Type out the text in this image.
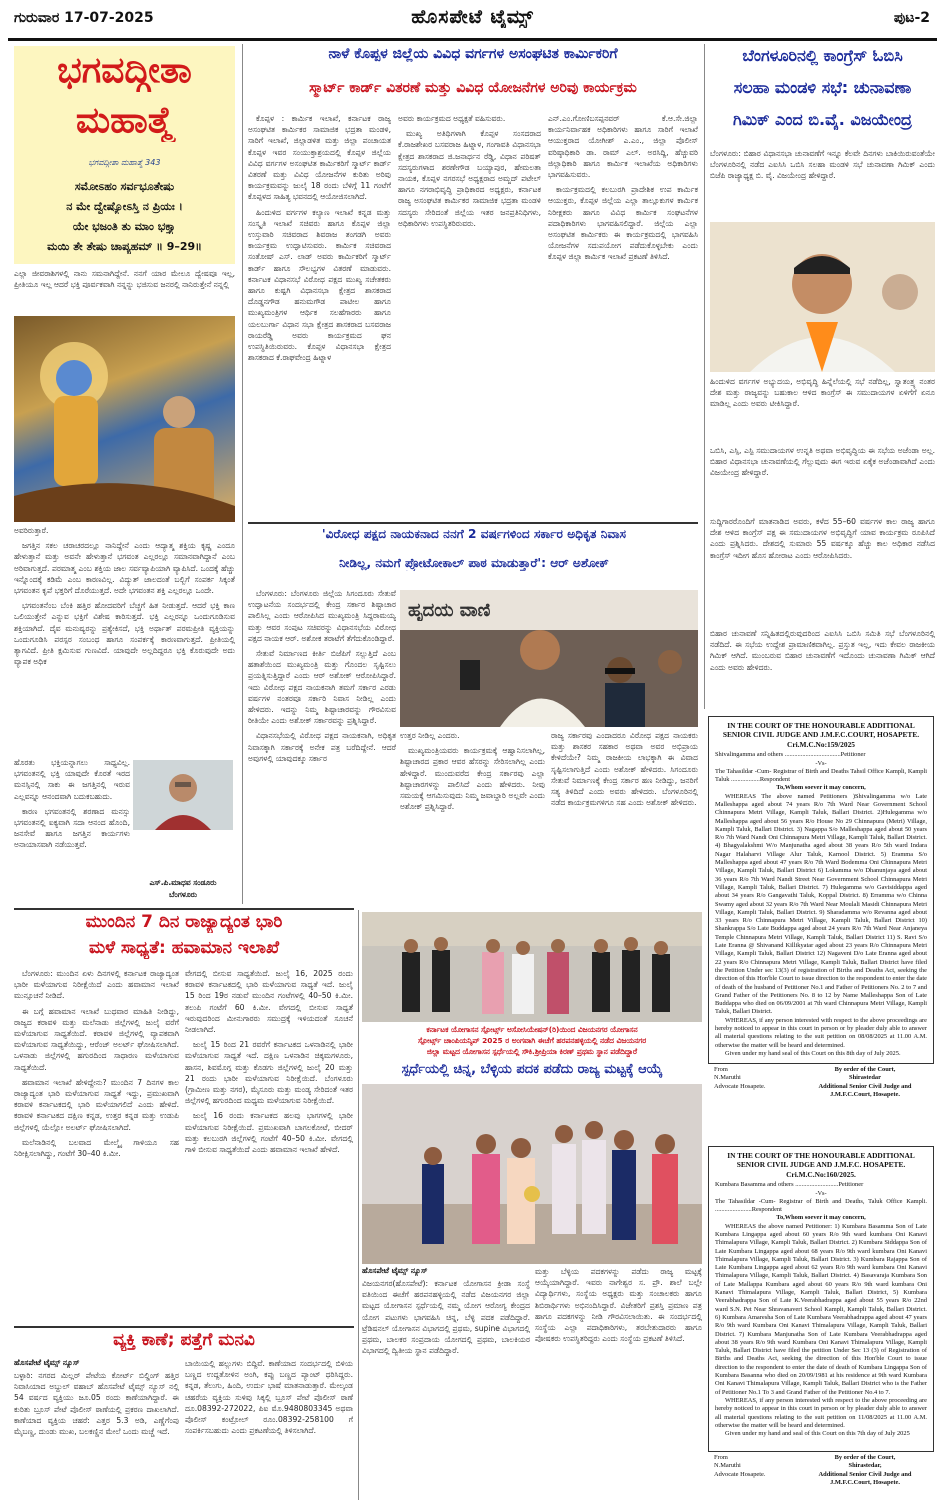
ಗುರುವಾರ 17-07-2025	ಹೊಸಪೇಟೆ ಟೈಮ್ಸ್	ಪುಟ-2
ಭಗವದ್ಗೀತಾ
ಮಹಾತ್ಮೆ
ಭಗವದ್ಗೀತಾ ಮಹಾತ್ಮೆ 343
ಸಮೋಽಹಂ ಸರ್ವಭೂತೇಷು
ನ ಮೇ ದ್ವೇಷ್ಯೋಽಸ್ತಿ ನ ಪ್ರಿಯಃ ।
ಯೇ ಭಜಂತಿ ತು ಮಾಂ ಭಕ್ತ್ಯಾ
ಮಯಿ ತೇ ತೇಷು ಚಾಪ್ಯಹಮ್ ॥ 9–29॥
ಎಲ್ಲಾ ಜೀವರಾಶಿಗಳಲ್ಲಿ ನಾನು ಸಮನಾಗಿದ್ದೇನೆ. ನನಗೆ ಯಾರ ಮೇಲೂ ದ್ವೇಷವೂ ಇಲ್ಲ, ಪ್ರೀತಿಯೂ ಇಲ್ಲ ಆದರೆ ಭಕ್ತಿ ಪೂರ್ವಕವಾಗಿ ನನ್ನನ್ನು ಭಜಿಸುವ ಜನರಲ್ಲಿ ನಾನಿರುತ್ತೇನೆ ನನ್ನಲ್ಲಿ

ಅವರಿರುತ್ತಾರೆ.

ಜಗತ್ತಿನ ಸಕಲ ಚರಾಚರದಲ್ಲೂ ನಾನಿದ್ದೇನೆ ಎಂದು ಆದ್ಯಾತ್ಮ ಶಕ್ತಿಯ ಕೃಷ್ಣ ಎಂದೂ ಹೇಳುತ್ತಾನೆ ಮತ್ತು ಅವನೇ ಹೇಳುತ್ತಾನೆ ಭಗವಂತ ಎಲ್ಲರಲ್ಲೂ ಸಮಾನವಾಗಿದ್ದಾನೆ ಎಂಬ ಅರಿವಾಗುತ್ತದೆ. ಪರಮಾತ್ಮ ಎಂಬ ಶಕ್ತಿಯ ಜಾಲ ಸರ್ವವ್ಯಾಪಿಯಾಗಿ ವ್ಯಾಪಿಸಿದೆ. ಒಂದಕ್ಕೆ ಹೆಚ್ಚು ಇನ್ನೊಂದಕ್ಕೆ ಕಡಿಮೆ ಎಂಬ ಕಾರಣವಿಲ್ಲ. ವಿದ್ಯುತ್ ಜಾಲದಂತೆ ಬಲ್ಬಿಗೆ ಸಂಪರ್ಕ ಸಿಕ್ಕಂತೆ ಭಗವಂತನ ಕೃಪೆ ಭಕ್ತರಿಗೆ ದೊರೆಯುತ್ತದೆ. ಅದೇ ಭಗವಂತನ ಶಕ್ತಿ ಎಲ್ಲರಲ್ಲೂ ಒಂದೇ.

ಭಗವಂತನೆಂಬ ಬೆಂಕಿ ಹತ್ತಿರ ಹೋದವರಿಗೆ ಬೆಚ್ಚಗೆ ಹಿತ ನೀಡುತ್ತದೆ. ಆದರೆ ಭಕ್ತಿ ಕಾಣ ಒಲಿಯುತ್ತೇನೆ ಎನ್ನುವ ಭಕ್ತಿಗೆ ವಿಶೇಷ ಕಾರಿಸುತ್ತದೆ. ಭಕ್ತಿ ಎಲ್ಲರನ್ನೂ ಒಂದುಗೂಡಿಸುವ ಶಕ್ತಿಯಾಗಿದೆ. ದೈವ ಮನುಷ್ಯರನ್ನು ಪ್ರತ್ಯೇಕಿಸದೆ, ಭಕ್ತಿ ಅರ್ಥಾತ್ ಪರಮಪ್ರೀತಿ ವ್ಯಕ್ತಿಯನ್ನು ಒಂದುಗೂಡಿಸಿ ಪರಸ್ಪರ ಸಂಬಂಧ ಹಾಗೂ ಸಂಪರ್ಕಕ್ಕೆ ಕಾರಣವಾಗುತ್ತದೆ. ಪ್ರೀತಿಯಲ್ಲಿ ತ್ಯಾಗವಿದೆ. ಪ್ರೀತಿ ಕ್ಷಮಿಸುವ ಗುಣವಿದೆ. ಯಾವುದೇ ಅಲ್ಲದಿದ್ದರೂ ಭಕ್ತಿ ಕೊರುವುದೇ ಅದು ವ್ಯಾಪಕ ಅಧಿಕ

ಹೊರತು ಭಕ್ತಿಯನ್ನಾಗಲು ಸಾಧ್ಯವಿಲ್ಲ. ಭಗವಂತನಲ್ಲಿ ಭಕ್ತಿ ಯಾವುದೇ ಕೊರತೆ ಇರದ ಮನಸ್ಸಿನಲ್ಲಿ ಸಾಕು ಈ ಜಗತ್ತಿನಲ್ಲಿ ಇರುವ ಎಲ್ಲವನ್ನೂ ಆನಂದವಾಗಿ ಬದುಕಬಹುದು.

ಕಾರಣ ಭಗವಂತನಲ್ಲಿ ಶರಣಾದ ಮನಸ್ಸು ಭಗವಂತನಲ್ಲಿ ಐಕ್ಯವಾಗಿ ಸದಾ ಆನಂದ ಹೊಂದಿ, ಜನಸೇವೆ ಹಾಗೂ ಜಗತ್ತಿನ ಕಾರ್ಯಗಳು ಅನಾಯಾಸವಾಗಿ ನಡೆಯುತ್ತವೆ.

ಎಸ್.ಪಿ.ಮಾಧವ ಸಂಡೂರು
ಬೆಂಗಳೂರು
ನಾಳೆ ಕೊಪ್ಪಳ ಜಿಲ್ಲೆಯ ವಿವಿಧ ವರ್ಗಗಳ ಅಸಂಘಟಿತ ಕಾರ್ಮಿಕರಿಗೆ
ಸ್ಮಾರ್ಟ್ ಕಾರ್ಡ್ ವಿತರಣೆ ಮತ್ತು ವಿವಿಧ ಯೋಜನೆಗಳ ಅರಿವು ಕಾರ್ಯಕ್ರಮ

ಕೊಪ್ಪಳ : ಕಾರ್ಮಿಕ ಇಲಾಖೆ, ಕರ್ನಾಟಕ ರಾಜ್ಯ ಅಸಂಘಟಿತ ಕಾರ್ಮಿಕರ ಸಾಮಾಜಿಕ ಭದ್ರತಾ ಮಂಡಳಿ, ಸಾರಿಗೆ ಇಲಾಖೆ, ಜಿಲ್ಲಾಡಳಿತ ಮತ್ತು ಜಿಲ್ಲಾ ಪಂಚಾಯತ ಕೊಪ್ಪಳ ಇವರ ಸಂಯುಕ್ತಾಶ್ರಯದಲ್ಲಿ ಕೊಪ್ಪಳ ಜಿಲ್ಲೆಯ ವಿವಿಧ ವರ್ಗಗಳ ಅಸಂಘಟಿತ ಕಾರ್ಮಿಕರಿಗೆ ಸ್ಮಾರ್ಟ್ ಕಾರ್ಡ್ ವಿತರಣೆ ಮತ್ತು ವಿವಿಧ ಯೋಜನೆಗಳ ಕುರಿತು ಅರಿವು ಕಾರ್ಯಕ್ರಮವನ್ನು ಜುಲೈ 18 ರಂದು ಬೆಳಿಗ್ಗೆ 11 ಗಂಟೆಗೆ ಕೊಪ್ಪಳದ ಸಾಹಿತ್ಯ ಭವನದಲ್ಲಿ ಆಯೋಜಿಸಲಾಗಿದೆ.

ಹಿಂದುಳಿದ ವರ್ಗಗಳ ಕಲ್ಯಾಣ ಇಲಾಖೆ ಕನ್ನಡ ಮತ್ತು ಸಂಸ್ಕೃತಿ ಇಲಾಖೆ ಸಚಿವರು ಹಾಗೂ ಕೊಪ್ಪಳ ಜಿಲ್ಲಾ ಉಸ್ತುವಾರಿ ಸಚಿವರಾದ ಶಿವರಾಜ ತಂಗಡಗಿ ಅವರು ಕಾರ್ಯಕ್ರಮ ಉದ್ಘಾಟಿಸುವರು. ಕಾರ್ಮಿಕ ಸಚಿವರಾದ ಸಂತೋಷ್ ಎಸ್. ಲಾಡ್ ಅವರು ಕಾರ್ಮಿಕರಿಗೆ ಸ್ಮಾರ್ಟ್ ಕಾರ್ಡ್ ಹಾಗೂ ಸೌಲಭ್ಯಗಳ ವಿತರಣೆ ಮಾಡುವರು. ಕರ್ನಾಟಕ ವಿಧಾನಸಭೆ ವಿರೋಧ ಪಕ್ಷದ ಮುಖ್ಯ ಸಚೇತಕರು ಹಾಗೂ ಕುಷ್ಟಗಿ ವಿಧಾನಸಭಾ ಕ್ಷೇತ್ರದ ಶಾಸಕರಾದ ದೊಡ್ಡನಗೌಡ ಹನುಮಗೌಡ ಪಾಟೀಲ ಹಾಗೂ ಮುಖ್ಯಮಂತ್ರಿಗಳ ಆರ್ಥಿಕ ಸಲಹೆಗಾರರು ಹಾಗೂ ಯಲಬುರ್ಗಾ ವಿಧಾನ ಸಭಾ ಕ್ಷೇತ್ರದ ಶಾಸಕರಾದ ಬಸವರಾಜ ರಾಯರೆಡ್ಡಿ ಅವರು ಕಾರ್ಯಕ್ರಮದ ಘನ ಉಪಸ್ಥಿತಿಯಿರುವರು. ಕೊಪ್ಪಳ ವಿಧಾನಸಭಾ ಕ್ಷೇತ್ರದ ಶಾಸಕರಾದ ಕೆ.ರಾಘವೇಂದ್ರ ಹಿಟ್ನಾಳ

ಅವರು ಕಾರ್ಯಕ್ರಮದ ಅಧ್ಯಕ್ಷತೆ ವಹಿಸುವರು.

ಮುಖ್ಯ ಅತಿಥಿಗಳಾಗಿ ಕೊಪ್ಪಳ ಸಂಸದರಾದ ಕೆ.ರಾಜಶೇಖರ ಬಸವರಾಜ ಹಿಟ್ನಾಳ, ಗಂಗಾವತಿ ವಿಧಾನಸಭಾ ಕ್ಷೇತ್ರದ ಶಾಸಕರಾದ ಜಿ.ಜನಾರ್ಧನ ರೆಡ್ಡಿ, ವಿಧಾನ ಪರಿಷತ್ ಸದಸ್ಯರುಗಳಾದ ಶರಣೇಗೌಡ ಬಯ್ಯಾಪುರ, ಹೇಮಲತಾ ನಾಯಕ, ಕೊಪ್ಪಳ ನಗರಸಭೆ ಅಧ್ಯಕ್ಷರಾದ ಅಮ್ಜದ್ ಪಟೇಲ್ ಹಾಗೂ ನಗರಾಭಿವೃದ್ಧಿ ಪ್ರಾಧಿಕಾರದ ಅಧ್ಯಕ್ಷರು, ಕರ್ನಾಟಕ ರಾಜ್ಯ ಅಸಂಘಟಿತ ಕಾರ್ಮಿಕರ ಸಾಮಾಜಿಕ ಭದ್ರತಾ ಮಂಡಳಿ ಸದಸ್ಯರು ಸೇರಿದಂತೆ ಜಿಲ್ಲೆಯ ಇತರ ಜನಪ್ರತಿನಿಧಿಗಳು, ಅಧಿಕಾರಿಗಳು ಉಪಸ್ಥಿತರಿರುವರು.

ಎನ್.ಎಂ.ಗೋಣಿಬಸಪ್ಪನವರ್ ಕೆ.ಆ.ಸೇ.ಜಿಲ್ಲಾ ಕಾರ್ಯನಿರ್ವಾಹಕ ಅಧಿಕಾರಿಗಳು ಹಾಗೂ ಸಾರಿಗೆ ಇಲಾಖೆ ಆಯುಕ್ತರಾದ ಯೋಗೀಶ್ ಎ.ಎಂ., ಜಿಲ್ಲಾ ಪೊಲೀಸ್ ವರಿಷ್ಠಾಧಿಕಾರಿ ಡಾ. ರಾಮ್ ಎಲ್. ಅರಸಿದ್ದಿ, ಹೆಚ್ಚುವರಿ ಜಿಲ್ಲಾಧಿಕಾರಿ ಹಾಗೂ ಕಾರ್ಮಿಕ ಇಲಾಖೆಯ ಅಧಿಕಾರಿಗಳು ಭಾಗವಹಿಸುವರು.

ಕಾರ್ಯಕ್ರಮದಲ್ಲಿ ಕಲಬುರಗಿ ಪ್ರಾದೇಶಿಕ ಉಪ ಕಾರ್ಮಿಕ ಆಯುಕ್ತರು, ಕೊಪ್ಪಳ ಜಿಲ್ಲೆಯ ಎಲ್ಲಾ ತಾಲ್ಲೂಕುಗಳ ಕಾರ್ಮಿಕ ನಿರೀಕ್ಷಕರು ಹಾಗೂ ವಿವಿಧ ಕಾರ್ಮಿಕ ಸಂಘಟನೆಗಳ ಪದಾಧಿಕಾರಿಗಳು ಭಾಗವಹಿಸಲಿದ್ದಾರೆ. ಜಿಲ್ಲೆಯ ಎಲ್ಲಾ ಅಸಂಘಟಿತ ಕಾರ್ಮಿಕರು ಈ ಕಾರ್ಯಕ್ರಮದಲ್ಲಿ ಭಾಗವಹಿಸಿ ಯೋಜನೆಗಳ ಸದುಪಯೋಗ ಪಡೆದುಕೊಳ್ಳಬೇಕು ಎಂದು ಕೊಪ್ಪಳ ಜಿಲ್ಲಾ ಕಾರ್ಮಿಕ ಇಲಾಖೆ ಪ್ರಕಟಣೆ ತಿಳಿಸಿದೆ.

ಬೆಂಗಳೂರಿನಲ್ಲಿ ಕಾಂಗ್ರೆಸ್ ಓಬಿಸಿ
ಸಲಹಾ ಮಂಡಳಿ ಸಭೆ: ಚುನಾವಣಾ
ಗಿಮಿಕ್ ಎಂದ ಬಿ.ವೈ. ವಿಜಯೇಂದ್ರ
ಬೆಂಗಳೂರು: ಬಿಹಾರ ವಿಧಾನಸಭಾ ಚುನಾವಣೆಗೆ ಇನ್ನೂ ಕೆಲವೇ ದಿನಗಳು ಬಾಕಿಯಿರುವಂತೆಯೇ ಬೆಂಗಳೂರಿನಲ್ಲಿ ನಡೆದ ಎಐಸಿಸಿ ಒಬಿಸಿ ಸಲಹಾ ಮಂಡಳಿ ಸಭೆ ಚುನಾವಣಾ ಗಿಮಿಕ್ ಎಂದು ಬಿಜೆಪಿ ರಾಜ್ಯಾಧ್ಯಕ್ಷ ಬಿ. ವೈ. ವಿಜಯೇಂದ್ರ ಹೇಳಿದ್ದಾರೆ.
ಹಿಂದುಳಿದ ವರ್ಗಗಳ ಅಭ್ಯುದಯ, ಅಭಿವೃದ್ಧಿ ಹಿನ್ನೆಲೆಯಲ್ಲಿ ಸಭೆ ನಡೆದಿಲ್ಲ, ಸ್ವಾತಂತ್ರ್ಯ ನಂತರ ದೇಶ ಮತ್ತು ರಾಜ್ಯವನ್ನು ಬಹುಕಾಲ ಆಳಿದ ಕಾಂಗ್ರೆಸ್ ಈ ಸಮುದಾಯಗಳ ಏಳಿಗೆಗೆ ಏನೂ ಮಾಡಿಲ್ಲ ಎಂದು ಅವರು ಟೀಕಿಸಿದ್ದಾರೆ.
ಒಬಿಸಿ, ಎಸ್ಸಿ, ಎಸ್ಟಿ ಸಮುದಾಯಗಳ ಉನ್ನತಿ ಅಥವಾ ಅಭಿವೃದ್ಧಿಯ ಈ ಸಭೆಯ ಅಜೆಂಡಾ ಅಲ್ಲ. ಬಿಹಾರ ವಿಧಾನಸಭಾ ಚುನಾವಣೆಯಲ್ಲಿ ಗೆಲ್ಲುವುದು ಈಗ ಇರುವ ಏಕೈಕ ಅಜೆಂಡಾವಾಗಿದೆ ಎಂದು ವಿಜಯೇಂದ್ರ ಹೇಳಿದ್ದಾರೆ.
ಸುದ್ದಿಗಾರರೊಂದಿಗೆ ಮಾತನಾಡಿದ ಅವರು, ಕಳೆದ 55–60 ವರ್ಷಗಳ ಕಾಲ ರಾಜ್ಯ ಹಾಗೂ ದೇಶ ಆಳಿದ ಕಾಂಗ್ರೆಸ್ ಪಕ್ಷ ಈ ಸಮುದಾಯಗಳ ಅಭಿವೃದ್ಧಿಗೆ ಯಾವ ಕಾರ್ಯಕ್ರಮ ರೂಪಿಸಿದೆ ಎಂದು ಪ್ರಶ್ನಿಸಿದರು. ದೇಶದಲ್ಲಿ ಸುಮಾರು 55 ವರ್ಷಕ್ಕೂ ಹೆಚ್ಚು ಕಾಲ ಅಧಿಕಾರ ನಡೆಸಿದ ಕಾಂಗ್ರೆಸ್ ಇದೀಗ ಹೊಸ ಹೋರಾಟ ಎಂದು ಆರೋಪಿಸಿದರು.
ಬಿಹಾರ ಚುನಾವಣೆ ಸನ್ನಿಹಿತದಲ್ಲಿರುವುದರಿಂದ ಎಐಸಿಸಿ ಒಬಿಸಿ ಸಮಿತಿ ಸಭೆ ಬೆಂಗಳೂರಿನಲ್ಲಿ ನಡೆದಿದೆ. ಈ ಸಭೆಯ ಉದ್ದೇಶ ಪ್ರಾಮಾಣಿಕವಾಗಿಲ್ಲ. ಪ್ರಸ್ತುತ ಇಲ್ಲ, ಇದು ಕೇವಲ ರಾಜಕೀಯ ಗಿಮಿಕ್ ಆಗಿದೆ. ಮುಂಬರುವ ಬಿಹಾರ ಚುನಾವಣೆಗೆ ಇದೊಂದು ಚುನಾವಣಾ ಗಿಮಿಕ್ ಆಗಿದೆ ಎಂದು ಅವರು ಹೇಳಿದರು.
'ವಿರೋಧ ಪಕ್ಷದ ನಾಯಕನಾದ ನನಗೆ 2 ವರ್ಷಗಳಿಂದ ಸರ್ಕಾರ ಅಧಿಕೃತ ನಿವಾಸ
ನೀಡಿಲ್ಲ, ನಮಗೆ ಪ್ರೋಟೋಕಾಲ್ ಪಾಠ ಮಾಡುತ್ತಾರೆ': ಆರ್ ಅಶೋಕ್

ಬೆಂಗಳೂರು: ಬೆಂಗಳೂರು ಜಿಲ್ಲೆಯ ಸಿಗಂದೂರು ಸೇತುವೆ ಉದ್ಘಾಟನೆಯ ಸಂದರ್ಭದಲ್ಲಿ ಕೇಂದ್ರ ಸರ್ಕಾರ ಶಿಷ್ಟಾಚಾರ ಪಾಲಿಸಿಲ್ಲ ಎಂದು ಆರೋಪಿಸಿದ ಮುಖ್ಯಮಂತ್ರಿ ಸಿದ್ದರಾಮಯ್ಯ ಮತ್ತು ಆವರ ಸಂಪುಟ ಸಚಿವರನ್ನು ವಿಧಾನಸಭೆಯ ವಿರೋಧ ಪಕ್ಷದ ನಾಯಕ ಆರ್. ಅಶೋಕ ತರಾಟೆಗೆ ತೆಗೆದುಕೊಂಡಿದ್ದಾರೆ.

ಸೇತುವೆ ನಿರ್ಮಾಣದ ಕೀರ್ತಿ ಬಿಜೆಪಿಗೆ ಸಲ್ಲುತ್ತಿದೆ ಎಂಬ ಹತಾಶೆಯಿಂದ ಮುಖ್ಯಮಂತ್ರಿ ಮತ್ತು ಗೊಂದಲ ಸೃಷ್ಟಿಸಲು ಪ್ರಯತ್ನಿಸುತ್ತಿದ್ದಾರೆ ಎಂದು ಆರ್ ಅಶೋಕ್ ಆರೋಪಿಸಿದ್ದಾರೆ. ಇದು ವಿರೋಧ ಪಕ್ಷದ ನಾಯಕನಾಗಿ ತಮಗೆ ಸರ್ಕಾರ ಎರಡು ವರ್ಷಗಳ ನಂತರವೂ ಸರ್ಕಾರಿ ನಿವಾಸ ನೀಡಿಲ್ಲ ಎಂದು ಹೇಳಿದರು. ಇದನ್ನು ನಿಮ್ಮ ಶಿಷ್ಟಾಚಾರವನ್ನು ಗೌರವಿಸುವ ರೀತಿಯೇ ಎಂದು ಅಶೋಕ್ ಸರ್ಕಾರವನ್ನು ಪ್ರಶ್ನಿಸಿದ್ದಾರೆ.

ವಿಧಾನಸಭೆಯಲ್ಲಿ ವಿರೋಧ ಪಕ್ಷದ ನಾಯಕನಾಗಿ, ಅಧಿಕೃತ ನಿವಾಸಕ್ಕಾಗಿ ಸರ್ಕಾರಕ್ಕೆ ಅನೇಕ ಪತ್ರ ಬರೆದಿದ್ದೇನೆ. ಆದರೆ ಅವುಗಳಲ್ಲಿ ಯಾವುದಕ್ಕೂ ಸರ್ಕಾರ

ಹೃದಯ ವಾಣಿ

ಉತ್ತರ ನೀಡಿಲ್ಲ ಎಂದರು.

ಮುಖ್ಯಮಂತ್ರಿಯವರು ಕಾರ್ಯಕ್ರಮಕ್ಕೆ ಆಹ್ವಾನಿಸಲಾಗಿಲ್ಲ, ಶಿಷ್ಟಾಚಾರದ ಪ್ರಕಾರ ಆವರ ಹೆಸರನ್ನು ಸೇರಿಸಲಾಗಿಲ್ಲ ಎಂದು ಹೇಳಿದ್ದಾರೆ. ಮುಂದುವರೆದ ಕೇಂದ್ರ ಸರ್ಕಾರವು ಎಲ್ಲಾ ಶಿಷ್ಟಾಚಾರಗಳನ್ನು ಪಾಲಿಸಿದೆ ಎಂದು ಹೇಳಿದರು. ನೀವು ಸಮಯಕ್ಕೆ ಆಗಮಿಸುವುದು ನಿಮ್ಮ ಜವಾಬ್ದಾರಿ ಅಲ್ಲವೇ ಎಂದು ಅಶೋಕ್ ಪ್ರಶ್ನಿಸಿದ್ದಾರೆ.

ರಾಜ್ಯ ಸರ್ಕಾರವು ಎಂದಾದರೂ ವಿರೋಧ ಪಕ್ಷದ ನಾಯಕರು ಮತ್ತು ಶಾಸಕರ ಸಹಕಾರ ಅಥವಾ ಅವರ ಅಭಿಪ್ರಾಯ ಕೇಳಿದೆಯೇ? ನಿಮ್ಮ ರಾಜಕೀಯ ಲಾಭಕ್ಕಾಗಿ ಈ ವಿವಾದ ಸೃಷ್ಟಿಸಲಾಗುತ್ತಿದೆ ಎಂದು ಅಶೋಕ್ ಹೇಳಿದರು. ಸಿಗಂದೂರು ಸೇತುವೆ ನಿರ್ಮಾಣಕ್ಕೆ ಕೇಂದ್ರ ಸರ್ಕಾರ ಹಣ ನೀಡಿದ್ದು, ಜನರಿಗೆ ಸತ್ಯ ತಿಳಿದಿದೆ ಎಂದು ಅವರು ಹೇಳಿದರು. ಬೆಂಗಳೂರಿನಲ್ಲಿ ನಡೆದ ಕಾರ್ಯಕ್ರಮಗಳಿಗೂ ಸಹ ಎಂದು ಅಶೋಕ್ ಹೇಳಿದರು.
IN THE COURT OF THE HONOURABLE ADDITIONAL SENIOR CIVIL JUDGE AND J.M.F.C.COURT, HOSAPETE.
Cri.M.C.No:159/2025
Shivalingamma and others ...................................Petitioner
-Vs-
The Tahasildar -Cum- Registrar of Birth and Deaths Tahsil Office Kampli, Kampli Taluk ..................Respondent
To,Whom soever it may concern,
WHEREAS The above named Petitioners )Shivalingamma w/o Late Malleshappa aged about 74 years R/o 7th Ward Near Government School Chinnapura Metri Village, Kampli Taluk, Ballari District. 2)Hulegamma w/o Malleshappa aged about 56 years R/o House No 29 Chinnapura (Metri) Village, Kampli Taluk, Ballari District. 3) Nagappa S/o Malleshappa aged about 50 years R/o 7th Ward Nandi Oni Chinnapura Metri Village, Kampli Taluk, Ballari District. 4) Bhagyalakshmi W/o Manjunatha aged about 38 years R/o 5th ward Indara Nagar Halaharvi Village Alur Taluk, Karnool District. 5) Eramma S/o Malleshappa aged about 47 years R/o 7th Ward Bodemma Oni Chinnapura Metri Village, Kampli Taluk, Ballari District 6) Lokamma w/o Dhanunjaya aged about 36 years R/o 7th Ward Nandi Street Near Government School Chinnapura Metri Village, Kampli Taluk, Ballari District. 7) Hulegamma w/o Gavisiddappa aged about 34 years R/o Gangavathi Taluk, Koppal District. 8) Erramma w/o Chinna Swamy aged about 32 years R/o 7th Ward Near Moulali Masidi Chinnapura Metri Village, Kampli Taluk, Ballari District. 9) Sharadamma w/o Revanna aged about 33 years R/o Chinnapura Metri Village, Kampli Taluk, Ballari District 10) Shankrappa S/o Late Buddappa aged about 24 years R/o 7th Ward Near Anjaneya Temple Chinnapura Metri Village, Kampli Taluk, Ballari District 11) S. Ravi S/o Late Eranna @ Shivanand Killikyatar aged about 23 years R/o Chinnapura Metri Village, Kampli Taluk, Ballari District 12) Nagaveni D/o Late Eranna aged about 22 years R/o Chinnapura Metri Village, Kampli Taluk, Ballari District have filed the Petition Under sec 13(3) of registration of Births and Deaths Act, seeking the direction of this Hon'ble Court to issue direction to the respondent to enter the date of death of the husband of Petitioner No.1 and Father of Petitioners No. 2 to 7 and Grand Father of the Petitioners No. 8 to 12 by Name Malleshappa Son of Late Buddappa who died on 06/09/2001 at 7th ward Chinnapura Metri Village, Kampli Taluk, Ballari District.
WHEREAS, if any person interested with respect to the above proceedings are hereby noticed to appear in this court in person or by pleader duly able to answer all material questions relating to the suit petition on 08/08/2025 at 11.00 A.M. otherwise the matter will be heard and determined.
Given under my hand seal of this Court on this 8th day of July 2025.
From
N.Maruthi
Advocate Hosapete.
By order of the Court,
Shirastedar
Additional Senior Civil Judge and J.M.F.C.Court, Hosapete.
IN THE COURT OF THE HONOURABLE ADDITIONAL SENIOR CIVIL JUDGE AND J.M.F.C. HOSAPETE.
Cri.M.C.No:160/2025.
Kumbara Basamma and others ...........................Petitioner
-Vs-
The Tahasildar -Cum- Registrar of Birth and Deaths, Taluk Office Kampli. .......................Respondent
To,Whom soever it may concern,
WHEREAS the above named Petitioner: 1) Kumbara Basamma Son of Late Kumbara Lingappa aged about 60 years R/o 9th ward kumbara Oni Kanavi Thimalapura Village, Kampli Taluk, Ballari District. 2) Kumbara Siddappa Son of Late Kumbara Lingappa aged about 68 years R/o 9th ward kumbara Oni Kanavi Thimalapura Village, Kampli Taluk, Ballari District. 3) Kumbara Rajappa Son of Late Kumbara Lingappa aged about 62 years R/o 9th ward kumbara Oni Kanavi Thimalapura Village, Kampli Taluk, Ballari District. 4) Basavaraja Kumbara Son of Late Mallappa Kumbara aged about 60 years R/o 9th ward kumbara Oni Kanavi Thimalapura Village, Kampli Taluk, Ballari District, 5) Kumbara Veerabhadrappa Son of Late K.Veerabhadrappa aged about 55 years R/o 22nd ward S.N. Pet Near Shravanaveri School Kampli, Kampli Taluk, Ballari District. 6) Kumbara Amaresha Son of Late Kumbara Veerabhadrappa aged about 47 years R/o 9th ward Kumbara Oni Kanavi Thimalapura Village, Kampli Taluk, Ballari District. 7) Kumbara Manjunatha Son of Late Kumbara Veerabhadrappa aged about 38 years R/o 9th ward Kumbara Oni Kanavi Thimalapura Village, Kampli Taluk, Ballari District have filed the petition Under Sec 13 (3) of Registration of Births and Deaths Act, seeking the direction of this Hon'ble Court to issue direction to the respondent to enter the date of death of Kumbara Lingappa Son of Kumbara Basanna who died on 20/09/1981 at his residence at 9th ward Kumbara Oni Kanavi Thimalapura Village, Kampli Taluk, Ballari District who is the Father of Petitioner No.1 To 3 and Grand Father of the Petitioner No.4 to 7.
WHEREAS, if any person interested with respect to the above proceeding are hereby noticed to appear in this court in person or by pleader duly able to answer all material questions relating to the suit petition on 11/08/2025 at 11.00 A.M. otherwise the matter will be heard and determined.
Given under my hand and seal of this Court on this 7th day of July 2025
From
N.Maruthi
Advocate Hosapete.
By order of the Court,
Shirastedar,
Additional Senior Civil Judge and J.M.F.C.Court, Hosapete.
ಮುಂದಿನ 7 ದಿನ ರಾಜ್ಯಾದ್ಯಂತ ಭಾರಿ
ಮಳೆ ಸಾಧ್ಯತೆ: ಹವಾಮಾನ ಇಲಾಖೆ

ಬೆಂಗಳೂರು: ಮುಂದಿನ ಏಳು ದಿನಗಳಲ್ಲಿ ಕರ್ನಾಟಕ ರಾಜ್ಯಾದ್ಯಂತ ಭಾರೀ ಮಳೆಯಾಗುವ ನಿರೀಕ್ಷೆಯಿದೆ ಎಂದು ಹವಾಮಾನ ಇಲಾಖೆ ಮುನ್ಸೂಚನೆ ನೀಡಿದೆ.

ಈ ಬಗ್ಗೆ ಹವಾಮಾನ ಇಲಾಖೆ ಬುಧವಾರ ಮಾಹಿತಿ ನೀಡಿದ್ದು, ರಾಜ್ಯದ ಕರಾವಳಿ ಮತ್ತು ಮಲೆನಾಡು ಜಿಲ್ಲೆಗಳಲ್ಲಿ ಜುಲೈ ವರೆಗೆ ಮಳೆಯಾಗುವ ಸಾಧ್ಯತೆಯಿದೆ. ಕರಾವಳಿ ಜಿಲ್ಲೆಗಳಲ್ಲಿ ವ್ಯಾಪಕವಾಗಿ ಮಳೆಯಾಗುವ ಸಾಧ್ಯತೆಯಿದ್ದು, ಆರೆಂಜ್ ಅಲರ್ಟ್ ಘೋಷಿಸಲಾಗಿದೆ. ಒಳನಾಡು ಜಿಲ್ಲೆಗಳಲ್ಲಿ ಹಗುರದಿಂದ ಸಾಧಾರಣ ಮಳೆಯಾಗುವ ಸಾಧ್ಯತೆಯಿದೆ.

ಹವಾಮಾನ ಇಲಾಖೆ ಹೇಳಿದ್ದೇನು? ಮುಂದಿನ 7 ದಿನಗಳ ಕಾಲ ರಾಜ್ಯಾದ್ಯಂತ ಭಾರಿ ಮಳೆಯಾಗುವ ಸಾಧ್ಯತೆ ಇದ್ದು, ಪ್ರಮುಖವಾಗಿ ಕರಾವಳಿ ಕರ್ನಾಟಕದಲ್ಲಿ ಭಾರಿ ಮಳೆಯಾಗಲಿದೆ ಎಂದು ಹೇಳಿದೆ. ಕರಾವಳಿ ಕರ್ನಾಟಕದ ದಕ್ಷಿಣ ಕನ್ನಡ, ಉತ್ತರ ಕನ್ನಡ ಮತ್ತು ಉಡುಪಿ ಜಿಲ್ಲೆಗಳಲ್ಲಿ ಯೆಲ್ಲೋ ಅಲರ್ಟ್ ಘೋಷಿಸಲಾಗಿದೆ.

ಮಲೆನಾಡಿನಲ್ಲಿ ಬಲವಾದ ಮೇಲ್ಮೈ ಗಾಳಿಯೂ ಸಹ ನಿರೀಕ್ಷಿಸಲಾಗಿದ್ದು, ಗಂಟೆಗೆ 30–40 ಕಿ.ಮೀ.

ವೇಗದಲ್ಲಿ ಬೀಸುವ ಸಾಧ್ಯತೆಯಿದೆ. ಜುಲೈ 16, 2025 ರಂದು ಕರಾವಳಿ ಕರ್ನಾಟಕದಲ್ಲಿ ಭಾರಿ ಮಳೆಯಾಗುವ ಸಾಧ್ಯತೆ ಇದೆ. ಜುಲೈ 15 ರಿಂದ 19ರ ನಡುವೆ ಮುಂದಿನ ಗಂಟೆಗಳಲ್ಲಿ 40–50 ಕಿ.ಮೀ. ತಲುಪಿ ಗಂಟೆಗೆ 60 ಕಿ.ಮೀ. ವೇಗದಲ್ಲಿ ಬೀಸುವ ಸಾಧ್ಯತೆ ಇರುವುದರಿಂದ ಮೀನುಗಾರರು ಸಮುದ್ರಕ್ಕೆ ಇಳಿಯದಂತೆ ಸೂಚನೆ ನೀಡಲಾಗಿದೆ.

ಜುಲೈ 15 ರಿಂದ 21 ರವರೆಗೆ ಕರ್ನಾಟಕದ ಒಳನಾಡಿನಲ್ಲಿ ಭಾರೀ ಮಳೆಯಾಗುವ ಸಾಧ್ಯತೆ ಇದೆ. ದಕ್ಷಿಣ ಒಳನಾಡಿನ ಚಿಕ್ಕಮಗಳೂರು, ಹಾಸನ, ಶಿವಮೊಗ್ಗ ಮತ್ತು ಕೊಡಗು ಜಿಲ್ಲೆಗಳಲ್ಲಿ ಜುಲೈ 20 ಮತ್ತು 21 ರಂದು ಭಾರೀ ಮಳೆಯಾಗುವ ನಿರೀಕ್ಷೆಯಿದೆ. ಬೆಂಗಳೂರು (ಗ್ರಾಮೀಣ ಮತ್ತು ನಗರ), ಮೈಸೂರು ಮತ್ತು ಮಂಡ್ಯ ಸೇರಿದಂತೆ ಇತರ ಜಿಲ್ಲೆಗಳಲ್ಲಿ ಹಗುರದಿಂದ ಮಧ್ಯಮ ಮಳೆಯಾಗುವ ನಿರೀಕ್ಷೆಯಿದೆ.

ಜುಲೈ 16 ರಂದು ಕರ್ನಾಟಕದ ಹಲವು ಭಾಗಗಳಲ್ಲಿ ಭಾರೀ ಮಳೆಯಾಗುವ ನಿರೀಕ್ಷೆಯಿದೆ. ಪ್ರಮುಖವಾಗಿ ಬಾಗಲಕೋಟೆ, ಬೀದರ್ ಮತ್ತು ಕಲಬುರಗಿ ಜಿಲ್ಲೆಗಳಲ್ಲಿ ಗಂಟೆಗೆ 40–50 ಕಿ.ಮೀ. ವೇಗದಲ್ಲಿ ಗಾಳಿ ಬೀಸುವ ಸಾಧ್ಯತೆಯಿದೆ ಎಂದು ಹವಾಮಾನ ಇಲಾಖೆ ಹೇಳಿದೆ.

ಕರ್ನಾಟಕ ಯೋಗಾಸನ ಸ್ಪೋರ್ಟ್ಸ್ ಅಸೋಸಿಯೇಷನ್(ರಿ)ಯಿಂದ ವಿಜಯನಗರ ಯೋಗಾಸನ
ಸ್ಪೋರ್ಟ್ಸ್ ಚಾಂಪಿಯನ್ಶಿಪ್ 2025 ರ ಅಂಗವಾಗಿ ಈಚೆಗೆ ಹರಪನಹಳ್ಳಿಯಲ್ಲಿ ನಡೆದ ವಿಜಯನಗರ
ಜಿಲ್ಲಾ ಮಟ್ಟದ ಯೋಗಾಸನ ಸ್ಪರ್ಧೆಯಲ್ಲಿ ಸೌಕಿ.ಶ್ರೀಪ್ರಿಯಾ ಕಿರಣ್ ಪ್ರಥಮ ಸ್ಥಾನ ಪಡೆದಿದ್ದಾರೆ
ಸ್ಪರ್ಧೆಯಲ್ಲಿ ಚಿನ್ನ, ಬೆಳ್ಳಿಯ ಪದಕ ಪಡೆದು ರಾಜ್ಯ ಮಟ್ಟಕ್ಕೆ ಆಯ್ಕೆ
ಹೊಸಪೇಟೆ ಟೈಮ್ಸ್ ನ್ಯೂಸ್
ವಿಜಯನಗರ(ಹೊಸಪೇಟೆ): ಕರ್ನಾಟಕ ಯೋಗಾಸನ ಕ್ರೀಡಾ ಸಂಸ್ಥೆ ವತಿಯಿಂದ ಈಚೆಗೆ ಹರಪನಹಳ್ಳಿಯಲ್ಲಿ ನಡೆದ ವಿಜಯನಗರ ಜಿಲ್ಲಾ ಮಟ್ಟದ ಯೋಗಾಸನ ಸ್ಪರ್ಧೆಯಲ್ಲಿ ನಮ್ಮ ಯೋಗ ಆರೋಗ್ಯ ಕೇಂದ್ರದ ಯೋಗ ಪಟುಗಳು ಭಾಗವಹಿಸಿ ಚಿನ್ನ, ಬೆಳ್ಳಿ ಪದಕ ಪಡೆದಿದ್ದಾರೆ. ಟ್ರೆಡಿಷನಲ್ ಯೋಗಾಸನ ವಿಭಾಗದಲ್ಲಿ ಪ್ರಥಮ, supine ವಿಭಾಗದಲ್ಲಿ ಪ್ರಥಮ, ಬಾಲಕರ ಸಂಪ್ರದಾಯ ಯೋಗದಲ್ಲಿ ಪ್ರಥಮ, ಬಾಲಕಿಯರ ವಿಭಾಗದಲ್ಲಿ ದ್ವಿತೀಯ ಸ್ಥಾನ ಪಡೆದಿದ್ದಾರೆ.
ಮತ್ತು ಬೆಳ್ಳಿಯ ಪದಕಗಳನ್ನು ಪಡೆದು ರಾಜ್ಯ ಮಟ್ಟಕ್ಕೆ ಆಯ್ಕೆಯಾಗಿದ್ದಾರೆ. ಇವರು ನಾಗೇಶ್ವರ ಸ. ಪ್ರೌ. ಶಾಲೆ ಬಲ್ಲೇ ವಿದ್ಯಾರ್ಥಿಗಳು, ಸಂಸ್ಥೆಯ ಅಧ್ಯಕ್ಷರು ಮತ್ತು ಸಂಚಾಲಕರು ಹಾಗೂ ಶಿಬಿರಾರ್ಥಿಗಳು ಅಭಿನಂದಿಸಿದ್ದಾರೆ. ವಿಜೇತರಿಗೆ ಪ್ರಶಸ್ತಿ ಪ್ರಮಾಣ ಪತ್ರ ಹಾಗೂ ಪದಕಗಳನ್ನು ನೀಡಿ ಗೌರವಿಸಲಾಯಿತು. ಈ ಸಂದರ್ಭದಲ್ಲಿ ಸಂಸ್ಥೆಯ ಎಲ್ಲಾ ಪದಾಧಿಕಾರಿಗಳು, ತರಬೇತುದಾರರು ಹಾಗೂ ಪೋಷಕರು ಉಪಸ್ಥಿತರಿದ್ದರು ಎಂದು ಸಂಸ್ಥೆಯ ಪ್ರಕಟಣೆ ತಿಳಿಸಿದೆ.
ವ್ಯಕ್ತಿ ಕಾಣೆ; ಪತ್ತೆಗೆ ಮನವಿ
ಹೊಸಪೇಟೆ ಟೈಮ್ಸ್ ನ್ಯೂಸ್
ಬಳ್ಳಾರಿ: ನಗರದ ಮಿಲ್ಲರ್ ಪೇಟೆಯ ಕೋರ್ಟ್ ಬಿಲ್ಡಿಂಗ್ ಹತ್ತಿರ ನಿವಾಸಿಯಾದ ಅಬ್ದುಲ್ ವಹಾಬ್ ಹೊಸಪೇಟೆ ಟೈಮ್ಸ್ ನ್ಯೂಸ್ ನಲ್ಲಿ 54 ವರ್ಷದ ವ್ಯಕ್ತಿಯು ಜೂ.05 ರಂದು ಕಾಣೆಯಾಗಿದ್ದಾರೆ. ಈ ಕುರಿತು ಬ್ರೂಸ್ ಪೇಟೆ ಪೊಲೀಸ್ ಠಾಣೆಯಲ್ಲಿ ಪ್ರಕರಣ ದಾಖಲಾಗಿದೆ. ಕಾಣೆಯಾದ ವ್ಯಕ್ತಿಯ ಚಹರೆ: ಎತ್ತರ 5.3 ಅಡಿ, ಎಣ್ಣೆಗೆಂಪು ಮೈಬಣ್ಣ, ದುಂಡು ಮುಖ, ಬಲಕಣ್ಣಿನ ಮೇಲೆ ಒಂದು ಮಚ್ಚೆ ಇದೆ.
ಬಾಯಿಯಲ್ಲಿ ಹಲ್ಲುಗಳು ಬಿದ್ದಿವೆ. ಕಾಣೆಯಾದ ಸಂದರ್ಭದಲ್ಲಿ ಬಿಳಿಯ ಬಣ್ಣದ ಉದ್ದತೋಳಿನ ಅಂಗಿ, ಕಪ್ಪು ಬಣ್ಣದ ಪ್ಯಾಂಟ್ ಧರಿಸಿದ್ದರು. ಕನ್ನಡ, ತೆಲುಗು, ಹಿಂದಿ, ಉರ್ದು ಭಾಷೆ ಮಾತನಾಡುತ್ತಾರೆ. ಮೇಲ್ಕಂಡ ಚಹರೆಯ ವ್ಯಕ್ತಿಯ ಸುಳಿವು ಸಿಕ್ಕಲ್ಲಿ ಬ್ರೂಸ್ ಪೇಟೆ ಪೊಲೀಸ್ ಠಾಣೆ ದೂ.08392-272022, ಪಿಐ ಮೊ.9480803345 ಅಥವಾ ಪೊಲೀಸ್ ಕಂಟ್ರೋಲ್ ರೂಂ.08392-258100 ಗೆ ಸಂಪರ್ಕಿಸಬಹುದು ಎಂದು ಪ್ರಕಟಣೆಯಲ್ಲಿ ತಿಳಿಸಲಾಗಿದೆ.
